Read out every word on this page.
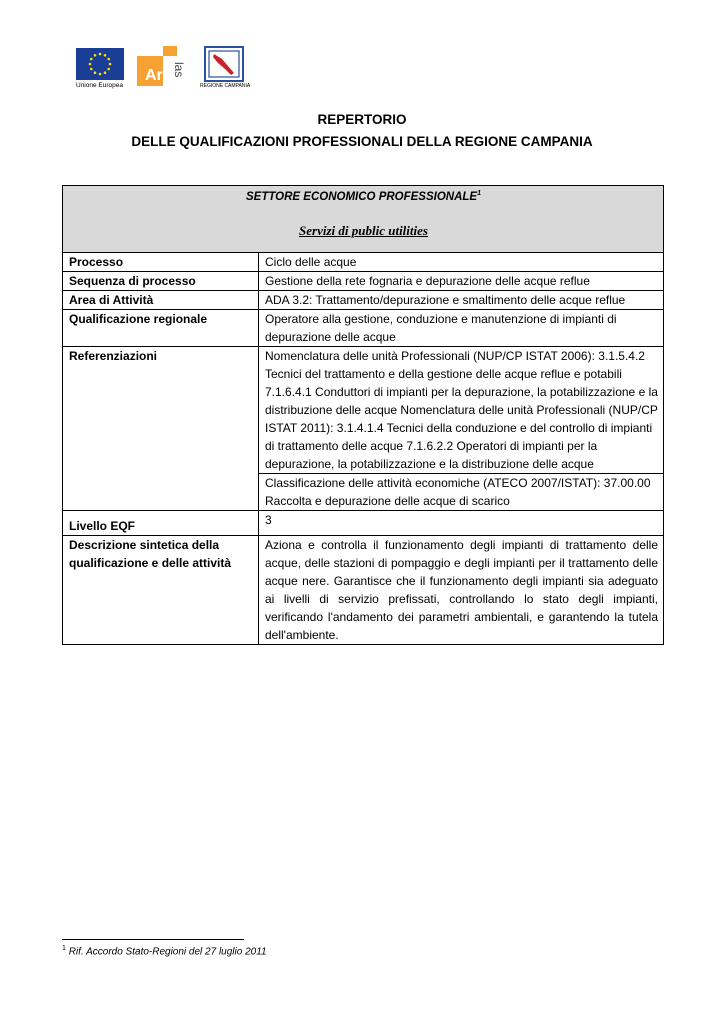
Unione Europea
Ar las
REGIONE CAMPANIA
REPERTORIO
DELLE QUALIFICAZIONI PROFESSIONALI DELLA REGIONE CAMPANIA
SETTORE ECONOMICO PROFESSIONALE$^1$
Servizi di public utilities	

Processo	Ciclo delle acque
Sequenza di processo	Gestione della rete fognaria e depurazione delle acque reflue
Area di Attività	ADA 3.2: Trattamento/depurazione e smaltimento delle acque reflue
Qualificazione regionale	Operatore alla gestione, conduzione e manutenzione di impianti di depurazione delle acque
Referenziazioni	Nomenclatura delle unità Professionali (NUP/CP ISTAT 2006): 3.1.5.4.2 Tecnici del trattamento e della gestione delle acque reflue e potabili 7.1.6.4.1 Conduttori di impianti per la depurazione, la potabilizzazione e la distribuzione delle acque Nomenclatura delle unità Professionali (NUP/CP ISTAT 2011): 3.1.4.1.4 Tecnici della conduzione e del controllo di impianti di trattamento delle acque 7.1.6.2.2 Operatori di impianti per la depurazione, la potabilizzazione e la distribuzione delle acque
	Classificazione delle attività economiche (ATECO 2007/ISTAT): 37.00.00 Raccolta e depurazione delle acque di scarico

Livello EQF	3
Descrizione sintetica della qualificazione e delle attività	Aziona e controlla il funzionamento degli impianti di trattamento delle acque, delle stazioni di pompaggio e degli impianti per il trattamento delle acque nere. Garantisce che il funzionamento degli impianti sia adeguato ai livelli di servizio prefissati, controllando lo stato degli impianti, verificando l'andamento dei parametri ambientali, e garantendo la tutela dell'ambiente.
$^1$ Rif. Accordo Stato-Regioni del 27 luglio 2011
